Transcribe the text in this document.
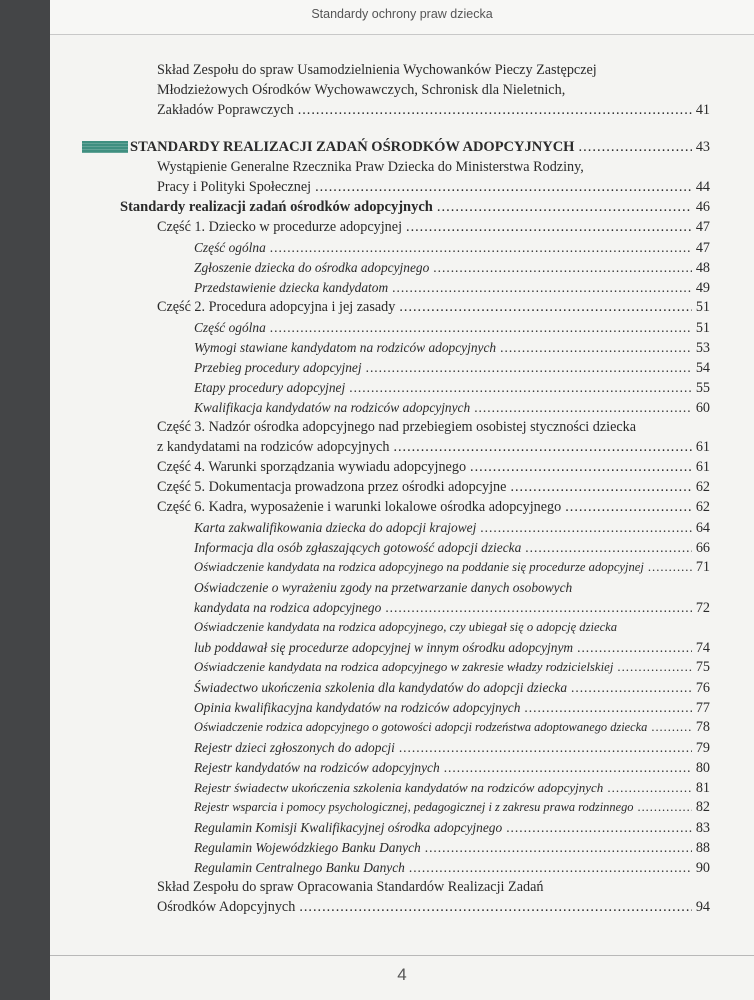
Standardy ochrony praw dziecka
Skład Zespołu do spraw Usamodzielnienia Wychowanków Pieczy Zastępczej
Młodzieżowych Ośrodków Wychowawczych, Schronisk dla Nieletnich,
Zakładów Poprawczych .....	41
STANDARDY REALIZACJI ZADAŃ OŚRODKÓW ADOPCYJNYCH .....	43
Wystąpienie Generalne Rzecznika Praw Dziecka do Ministerstwa Rodziny,
Pracy i Polityki Społecznej .....	44
Standardy realizacji zadań ośrodków adopcyjnych .....	46
Część 1. Dziecko w procedurze adopcyjnej .....	47
Część ogólna .....	47
Zgłoszenie dziecka do ośrodka adopcyjnego .....	48
Przedstawienie dziecka kandydatom .....	49
Część 2. Procedura adopcyjna i jej zasady .....	51
Część ogólna .....	51
Wymogi stawiane kandydatom na rodziców adopcyjnych .....	53
Przebieg procedury adopcyjnej .....	54
Etapy procedury adopcyjnej .....	55
Kwalifikacja kandydatów na rodziców adopcyjnych .....	60
Część 3. Nadzór ośrodka adopcyjnego nad przebiegiem osobistej styczności dziecka
z kandydatami na rodziców adopcyjnych .....	61
Część 4. Warunki sporządzania wywiadu adopcyjnego .....	61
Część 5. Dokumentacja prowadzona przez ośrodki adopcyjne .....	62
Część 6. Kadra, wyposażenie i warunki lokalowe ośrodka adopcyjnego .....	62
Karta zakwalifikowania dziecka do adopcji krajowej .....	64
Informacja dla osób zgłaszających gotowość adopcji dziecka .....	66
Oświadczenie kandydata na rodzica adopcyjnego na poddanie się procedurze adopcyjnej .....	71
Oświadczenie o wyrażeniu zgody na przetwarzanie danych osobowych
kandydata na rodzica adopcyjnego .....	72
Oświadczenie kandydata na rodzica adopcyjnego, czy ubiegał się o adopcję dziecka
lub poddawał się procedurze adopcyjnej w innym ośrodku adopcyjnym .....	74
Oświadczenie kandydata na rodzica adopcyjnego w zakresie władzy rodzicielskiej .....	75
Świadectwo ukończenia szkolenia dla kandydatów do adopcji dziecka .....	76
Opinia kwalifikacyjna kandydatów na rodziców adopcyjnych .....	77
Oświadczenie rodzica adopcyjnego o gotowości adopcji rodzeństwa adoptowanego dziecka .....	78
Rejestr dzieci zgłoszonych do adopcji .....	79
Rejestr kandydatów na rodziców adopcyjnych .....	80
Rejestr świadectw ukończenia szkolenia kandydatów na rodziców adopcyjnych .....	81
Rejestr wsparcia i pomocy psychologicznej, pedagogicznej i z zakresu prawa rodzinnego .....	82
Regulamin Komisji Kwalifikacyjnej ośrodka adopcyjnego .....	83
Regulamin Wojewódzkiego Banku Danych .....	88
Regulamin Centralnego Banku Danych .....	90
Skład Zespołu do spraw Opracowania Standardów Realizacji Zadań
Ośrodków Adopcyjnych .....	94
4
